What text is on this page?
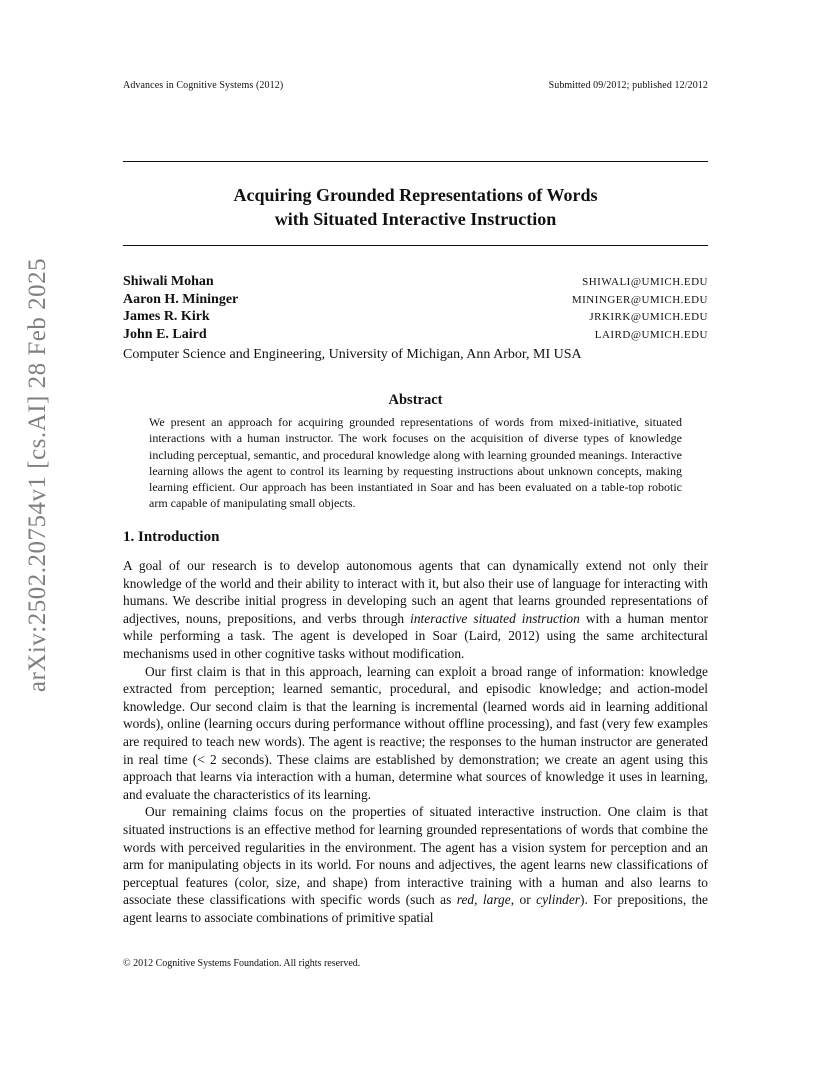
arXiv:2502.20754v1 [cs.AI] 28 Feb 2025
Advances in Cognitive Systems (2012)	Submitted 09/2012; published 12/2012
Acquiring Grounded Representations of Words
with Situated Interactive Instruction
Shiwali Mohan	SHIWALI@UMICH.EDU
Aaron H. Mininger	MININGER@UMICH.EDU
James R. Kirk	JRKIRK@UMICH.EDU
John E. Laird	LAIRD@UMICH.EDU
Computer Science and Engineering, University of Michigan, Ann Arbor, MI USA
Abstract
We present an approach for acquiring grounded representations of words from mixed-initiative, situated interactions with a human instructor. The work focuses on the acquisition of diverse types of knowledge including perceptual, semantic, and procedural knowledge along with learning grounded meanings. Interactive learning allows the agent to control its learning by requesting instructions about unknown concepts, making learning efficient. Our approach has been instantiated in Soar and has been evaluated on a table-top robotic arm capable of manipulating small objects.
1. Introduction

A goal of our research is to develop autonomous agents that can dynamically extend not only their knowledge of the world and their ability to interact with it, but also their use of language for interacting with humans. We describe initial progress in developing such an agent that learns grounded representations of adjectives, nouns, prepositions, and verbs through interactive situated instruction with a human mentor while performing a task. The agent is developed in Soar (Laird, 2012) using the same architectural mechanisms used in other cognitive tasks without modification.

Our first claim is that in this approach, learning can exploit a broad range of information: knowledge extracted from perception; learned semantic, procedural, and episodic knowledge; and action-model knowledge. Our second claim is that the learning is incremental (learned words aid in learning additional words), online (learning occurs during performance without offline processing), and fast (very few examples are required to teach new words). The agent is reactive; the responses to the human instructor are generated in real time (< 2 seconds). These claims are established by demonstration; we create an agent using this approach that learns via interaction with a human, determine what sources of knowledge it uses in learning, and evaluate the characteristics of its learning.

Our remaining claims focus on the properties of situated interactive instruction. One claim is that situated instructions is an effective method for learning grounded representations of words that combine the words with perceived regularities in the environment. The agent has a vision system for perception and an arm for manipulating objects in its world. For nouns and adjectives, the agent learns new classifications of perceptual features (color, size, and shape) from interactive training with a human and also learns to associate these classifications with specific words (such as red, large, or cylinder). For prepositions, the agent learns to associate combinations of primitive spatial

© 2012 Cognitive Systems Foundation. All rights reserved.
